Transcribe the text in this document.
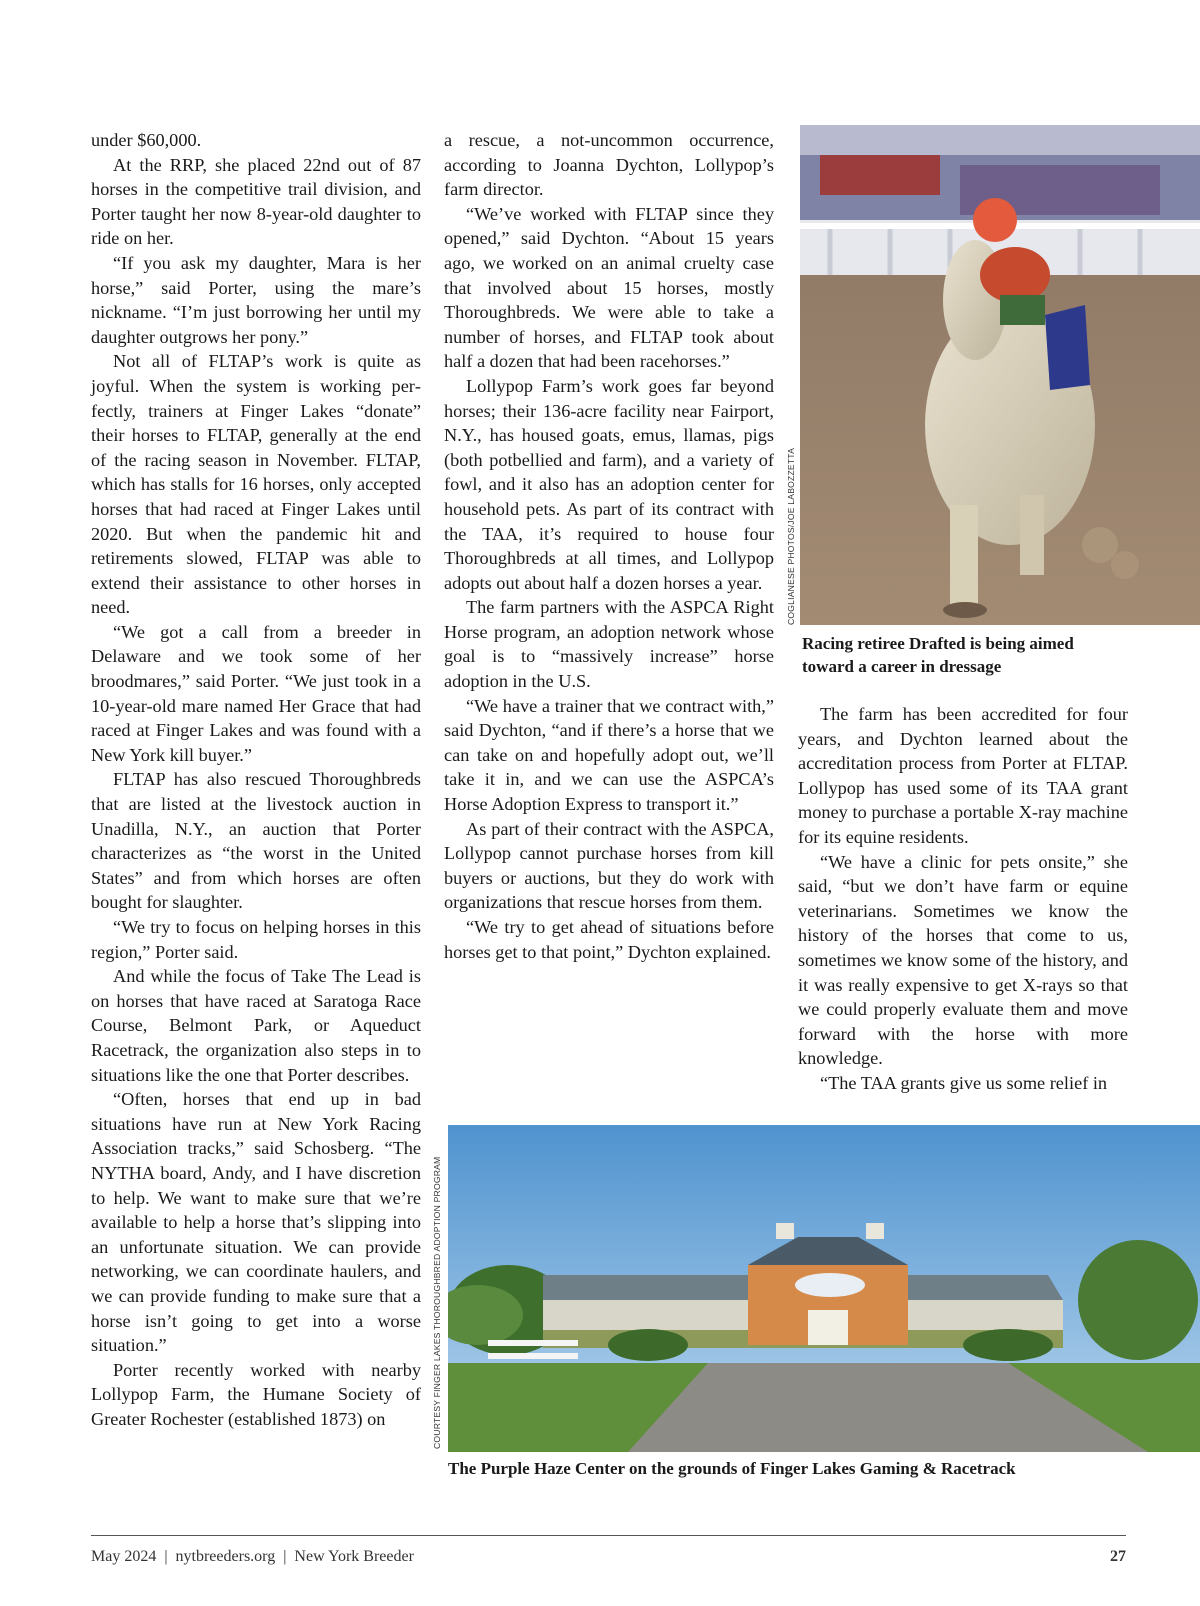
under $60,000.

At the RRP, she placed 22nd out of 87 horses in the competitive trail division, and Porter taught her now 8-year-old daughter to ride on her.

“If you ask my daughter, Mara is her horse,” said Porter, using the mare’s nickname. “I’m just borrowing her until my daughter outgrows her pony.”

Not all of FLTAP’s work is quite as joyful. When the system is working perfectly, trainers at Finger Lakes “donate” their horses to FLTAP, generally at the end of the racing season in November. FLTAP, which has stalls for 16 horses, only accepted horses that had raced at Finger Lakes until 2020. But when the pandemic hit and retirements slowed, FLTAP was able to extend their assistance to other horses in need.

“We got a call from a breeder in Delaware and we took some of her broodmares,” said Porter. “We just took in a 10-year-old mare named Her Grace that had raced at Finger Lakes and was found with a New York kill buyer.”

FLTAP has also rescued Thoroughbreds that are listed at the livestock auction in Unadilla, N.Y., an auction that Porter characterizes as “the worst in the United States” and from which horses are often bought for slaughter.

“We try to focus on helping horses in this region,” Porter said.

And while the focus of Take The Lead is on horses that have raced at Saratoga Race Course, Belmont Park, or Aqueduct Racetrack, the organization also steps in to situations like the one that Porter describes.

“Often, horses that end up in bad situations have run at New York Racing Association tracks,” said Schosberg. “The NYTHA board, Andy, and I have discretion to help. We want to make sure that we’re available to help a horse that’s slipping into an unfortunate situation. We can provide networking, we can coordinate haulers, and we can provide funding to make sure that a horse isn’t going to get into a worse situation.”

Porter recently worked with nearby Lollypop Farm, the Humane Society of Greater Rochester (established 1873) on

a rescue, a not-uncommon occurrence, according to Joanna Dychton, Lollypop’s farm director.

“We’ve worked with FLTAP since they opened,” said Dychton. “About 15 years ago, we worked on an animal cruelty case that involved about 15 horses, mostly Thoroughbreds. We were able to take a number of horses, and FLTAP took about half a dozen that had been racehorses.”

Lollypop Farm’s work goes far beyond horses; their 136-acre facility near Fairport, N.Y., has housed goats, emus, llamas, pigs (both potbellied and farm), and a variety of fowl, and it also has an adoption center for household pets. As part of its contract with the TAA, it’s required to house four Thoroughbreds at all times, and Lollypop adopts out about half a dozen horses a year.

The farm partners with the ASPCA Right Horse program, an adoption network whose goal is to “massively increase” horse adoption in the U.S.

“We have a trainer that we contract with,” said Dychton, “and if there’s a horse that we can take on and hopefully adopt out, we’ll take it in, and we can use the ASPCA’s Horse Adoption Express to transport it.”

As part of their contract with the ASPCA, Lollypop cannot purchase horses from kill buyers or auctions, but they do work with organizations that rescue horses from them.

“We try to get ahead of situations before horses get to that point,” Dychton explained.

The farm has been accredited for four years, and Dychton learned about the accreditation process from Porter at FLTAP. Lollypop has used some of its TAA grant money to purchase a portable X-ray machine for its equine residents.

“We have a clinic for pets onsite,” she said, “but we don’t have farm or equine veterinarians. Sometimes we know the history of the horses that come to us, sometimes we know some of the history, and it was really expensive to get X-rays so that we could properly evaluate them and move forward with the horse with more knowledge.

“The TAA grants give us some relief in

COGLIANESE PHOTOS/JOE LABOZZETTA
Racing retiree Drafted is being aimed
toward a career in dressage
COURTESY FINGER LAKES THOROUGHBRED ADOPTION PROGRAM
The Purple Haze Center on the grounds of Finger Lakes Gaming & Racetrack
May 2024 | nytbreeders.org | New York Breeder	27
